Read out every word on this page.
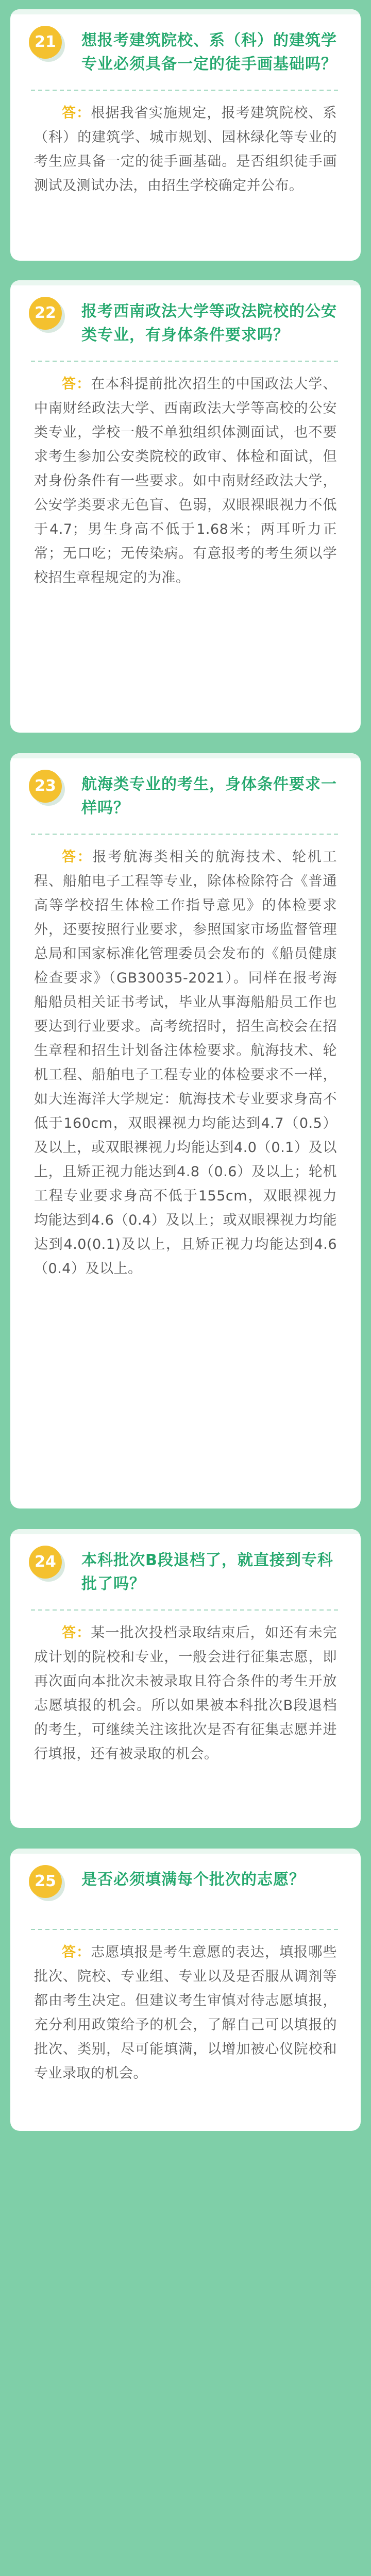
21	想报考建筑院校、系（科）的建筑学专业必须具备一定的徒手画基础吗？
答：根据我省实施规定，报考建筑院校、系（科）的建筑学、城市规划、园林绿化等专业的考生应具备一定的徒手画基础。是否组织徒手画测试及测试办法，由招生学校确定并公布。
22	报考西南政法大学等政法院校的公安类专业，有身体条件要求吗？
答：在本科提前批次招生的中国政法大学、中南财经政法大学、西南政法大学等高校的公安类专业，学校一般不单独组织体测面试，也不要求考生参加公安类院校的政审、体检和面试，但对身份条件有一些要求。如中南财经政法大学，公安学类要求无色盲、色弱，双眼裸眼视力不低于4.7；男生身高不低于1.68米；两耳听力正常；无口吃；无传染病。有意报考的考生须以学校招生章程规定的为准。
23	航海类专业的考生，身体条件要求一样吗？
答：报考航海类相关的航海技术、轮机工程、船舶电子工程等专业，除体检除符合《普通高等学校招生体检工作指导意见》的体检要求外，还要按照行业要求，参照国家市场监督管理总局和国家标准化管理委员会发布的《船员健康检查要求》（GB30035-2021）。同样在报考海船船员相关证书考试，毕业从事海船船员工作也要达到行业要求。高考统招时，招生高校会在招生章程和招生计划备注体检要求。航海技术、轮机工程、船舶电子工程专业的体检要求不一样，如大连海洋大学规定：航海技术专业要求身高不低于160cm，双眼裸视力均能达到4.7（0.5）及以上，或双眼裸视力均能达到4.0（0.1）及以上，且矫正视力能达到4.8（0.6）及以上；轮机工程专业要求身高不低于155cm，双眼裸视力均能达到4.6（0.4）及以上；或双眼裸视力均能达到4.0(0.1)及以上，且矫正视力均能达到4.6（0.4）及以上。
24	本科批次B段退档了，就直接到专科批了吗？
答：某一批次投档录取结束后，如还有未完成计划的院校和专业，一般会进行征集志愿，即再次面向本批次未被录取且符合条件的考生开放志愿填报的机会。所以如果被本科批次B段退档的考生，可继续关注该批次是否有征集志愿并进行填报，还有被录取的机会。
25	是否必须填满每个批次的志愿？
答：志愿填报是考生意愿的表达，填报哪些批次、院校、专业组、专业以及是否服从调剂等都由考生决定。但建议考生审慎对待志愿填报，充分利用政策给予的机会，了解自己可以填报的批次、类别，尽可能填满，以增加被心仪院校和专业录取的机会。
